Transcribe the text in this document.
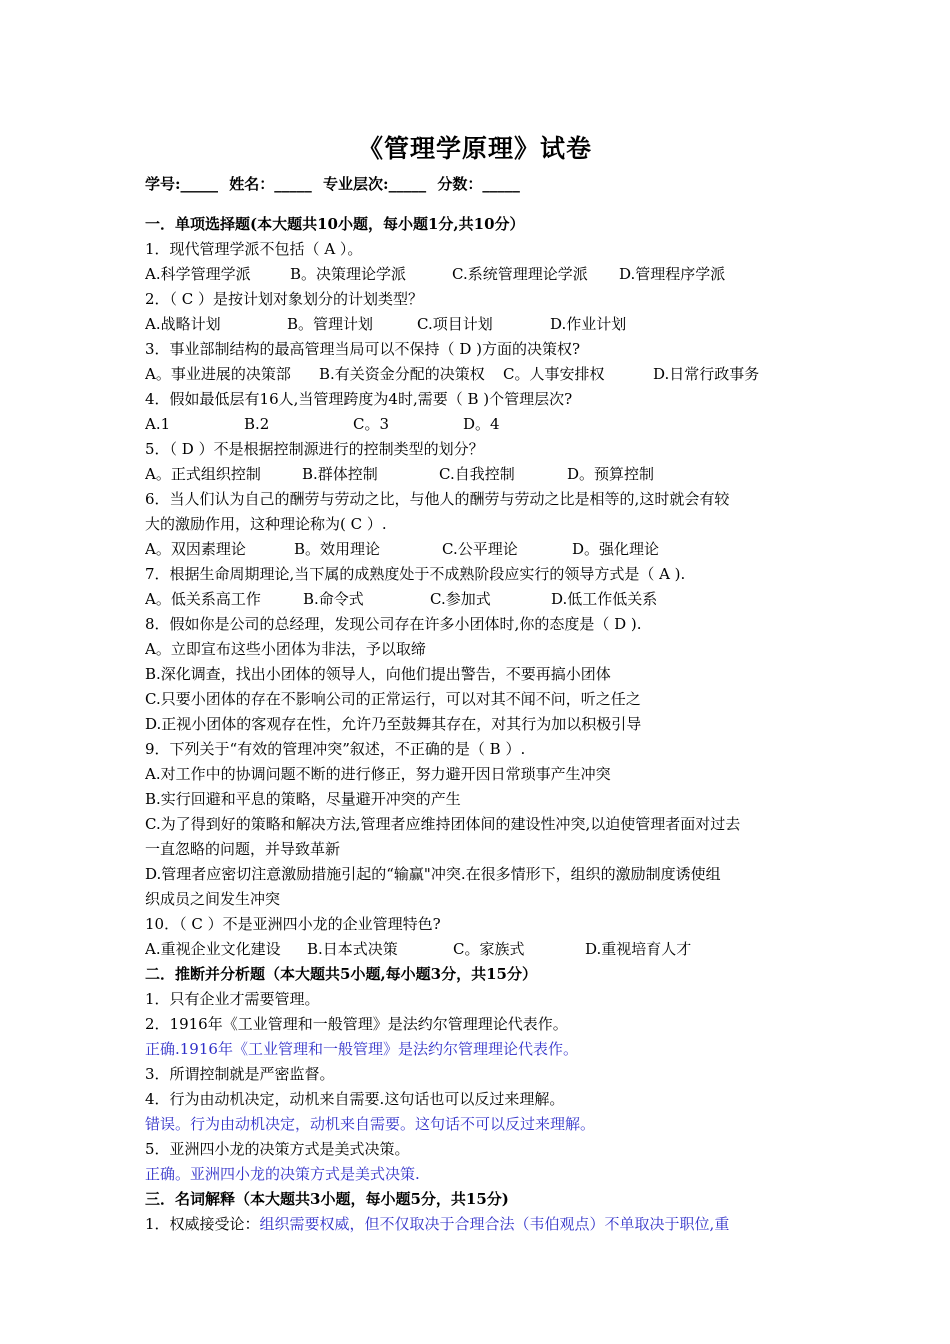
《管理学原理》试卷
学号:_____ 姓名：_____ 专业层次:_____ 分数：_____
一．单项选择题(本大题共10小题，每小题1分,共10分）
1．现代管理学派不包括（ A ）。
A.科学管理学派	B。决策理论学派	C.系统管理理论学派 D.管理程序学派
2．（ C ）是按计划对象划分的计划类型？
A.战略计划	B。管理计划	C.项目计划	D.作业计划
3．事业部制结构的最高管理当局可以不保持（ D )方面的决策权?
A。事业进展的决策部 B.有关资金分配的决策权 C。人事安排权	D.日常行政事务
4．假如最低层有16人,当管理跨度为4时,需要（ B )个管理层次?
A.1	B.2	C。3	D。4
5．（ D ）不是根据控制源进行的控制类型的划分？
A。正式组织控制	B.群体控制	C.自我控制	D。预算控制
6．当人们认为自己的酬劳与劳动之比，与他人的酬劳与劳动之比是相等的,这时就会有较
大的激励作用，这种理论称为( C ）.
A。双因素理论	B。效用理论	C.公平理论	D。强化理论
7．根据生命周期理论,当下属的成熟度处于不成熟阶段应实行的领导方式是（ A ).
A。低关系高工作	B.命令式	C.参加式	D.低工作低关系
8．假如你是公司的总经理，发现公司存在许多小团体时,你的态度是（ D ).
A。立即宣布这些小团体为非法，予以取缔
B.深化调查，找出小团体的领导人，向他们提出警告，不要再搞小团体
C.只要小团体的存在不影响公司的正常运行，可以对其不闻不问，听之任之
D.正视小团体的客观存在性，允许乃至鼓舞其存在，对其行为加以积极引导
9．下列关于“有效的管理冲突”叙述，不正确的是（ B ）.
A.对工作中的协调问题不断的进行修正，努力避开因日常琐事产生冲突
B.实行回避和平息的策略，尽量避开冲突的产生
C.为了得到好的策略和解决方法,管理者应维持团体间的建设性冲突,以迫使管理者面对过去
一直忽略的问题，并导致革新
D.管理者应密切注意激励措施引起的“输赢"冲突.在很多情形下，组织的激励制度诱使组
织成员之间发生冲突
10．（ C ）不是亚洲四小龙的企业管理特色?
A.重视企业文化建设 B.日本式决策	C。家族式	D.重视培育人才
二．推断并分析题（本大题共5小题,每小题3分，共15分）
1．只有企业才需要管理。
2．1916年《工业管理和一般管理》是法约尔管理理论代表作。
正确.1916年《工业管理和一般管理》是法约尔管理理论代表作。
3．所谓控制就是严密监督。
4．行为由动机决定，动机来自需要.这句话也可以反过来理解。
错误。行为由动机决定，动机来自需要。这句话不可以反过来理解。
5．亚洲四小龙的决策方式是美式决策。
正确。亚洲四小龙的决策方式是美式决策.
三．名词解释（本大题共3小题，每小题5分，共15分)
1．权威接受论：组织需要权威，但不仅取决于合理合法（韦伯观点）不单取决于职位,重
